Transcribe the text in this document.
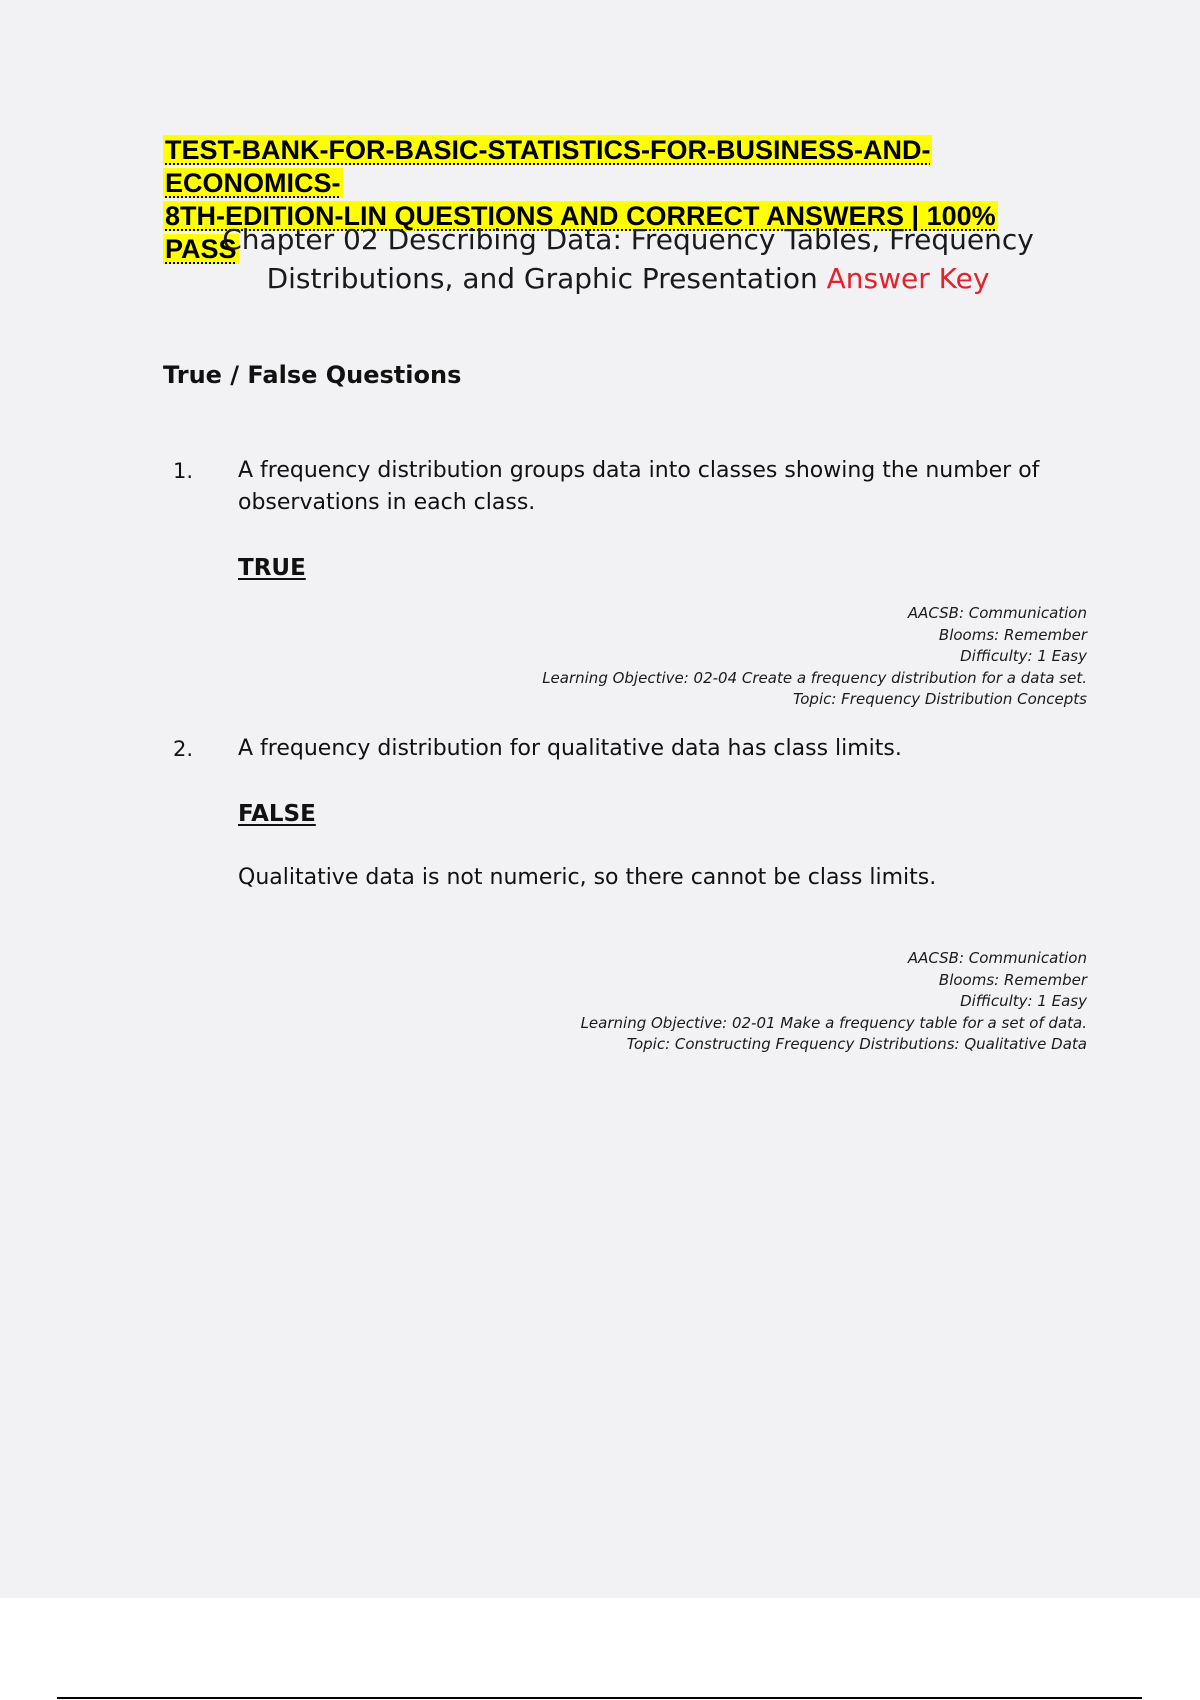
TEST-BANK-FOR-BASIC-STATISTICS-FOR-BUSINESS-AND-ECONOMICS-
8TH-EDITION-LIN QUESTIONS AND CORRECT ANSWERS | 100% PASS
Chapter 02 Describing Data: Frequency Tables, Frequency
Distributions, and Graphic Presentation Answer Key
True / False Questions
1. A frequency distribution groups data into classes showing the number of observations in each class.
TRUE
AACSB: Communication
Blooms: Remember
Difficulty: 1 Easy
Learning Objective: 02-04 Create a frequency distribution for a data set.
Topic: Frequency Distribution Concepts
2. A frequency distribution for qualitative data has class limits.
FALSE
Qualitative data is not numeric, so there cannot be class limits.
AACSB: Communication
Blooms: Remember
Difficulty: 1 Easy
Learning Objective: 02-01 Make a frequency table for a set of data.
Topic: Constructing Frequency Distributions: Qualitative Data
